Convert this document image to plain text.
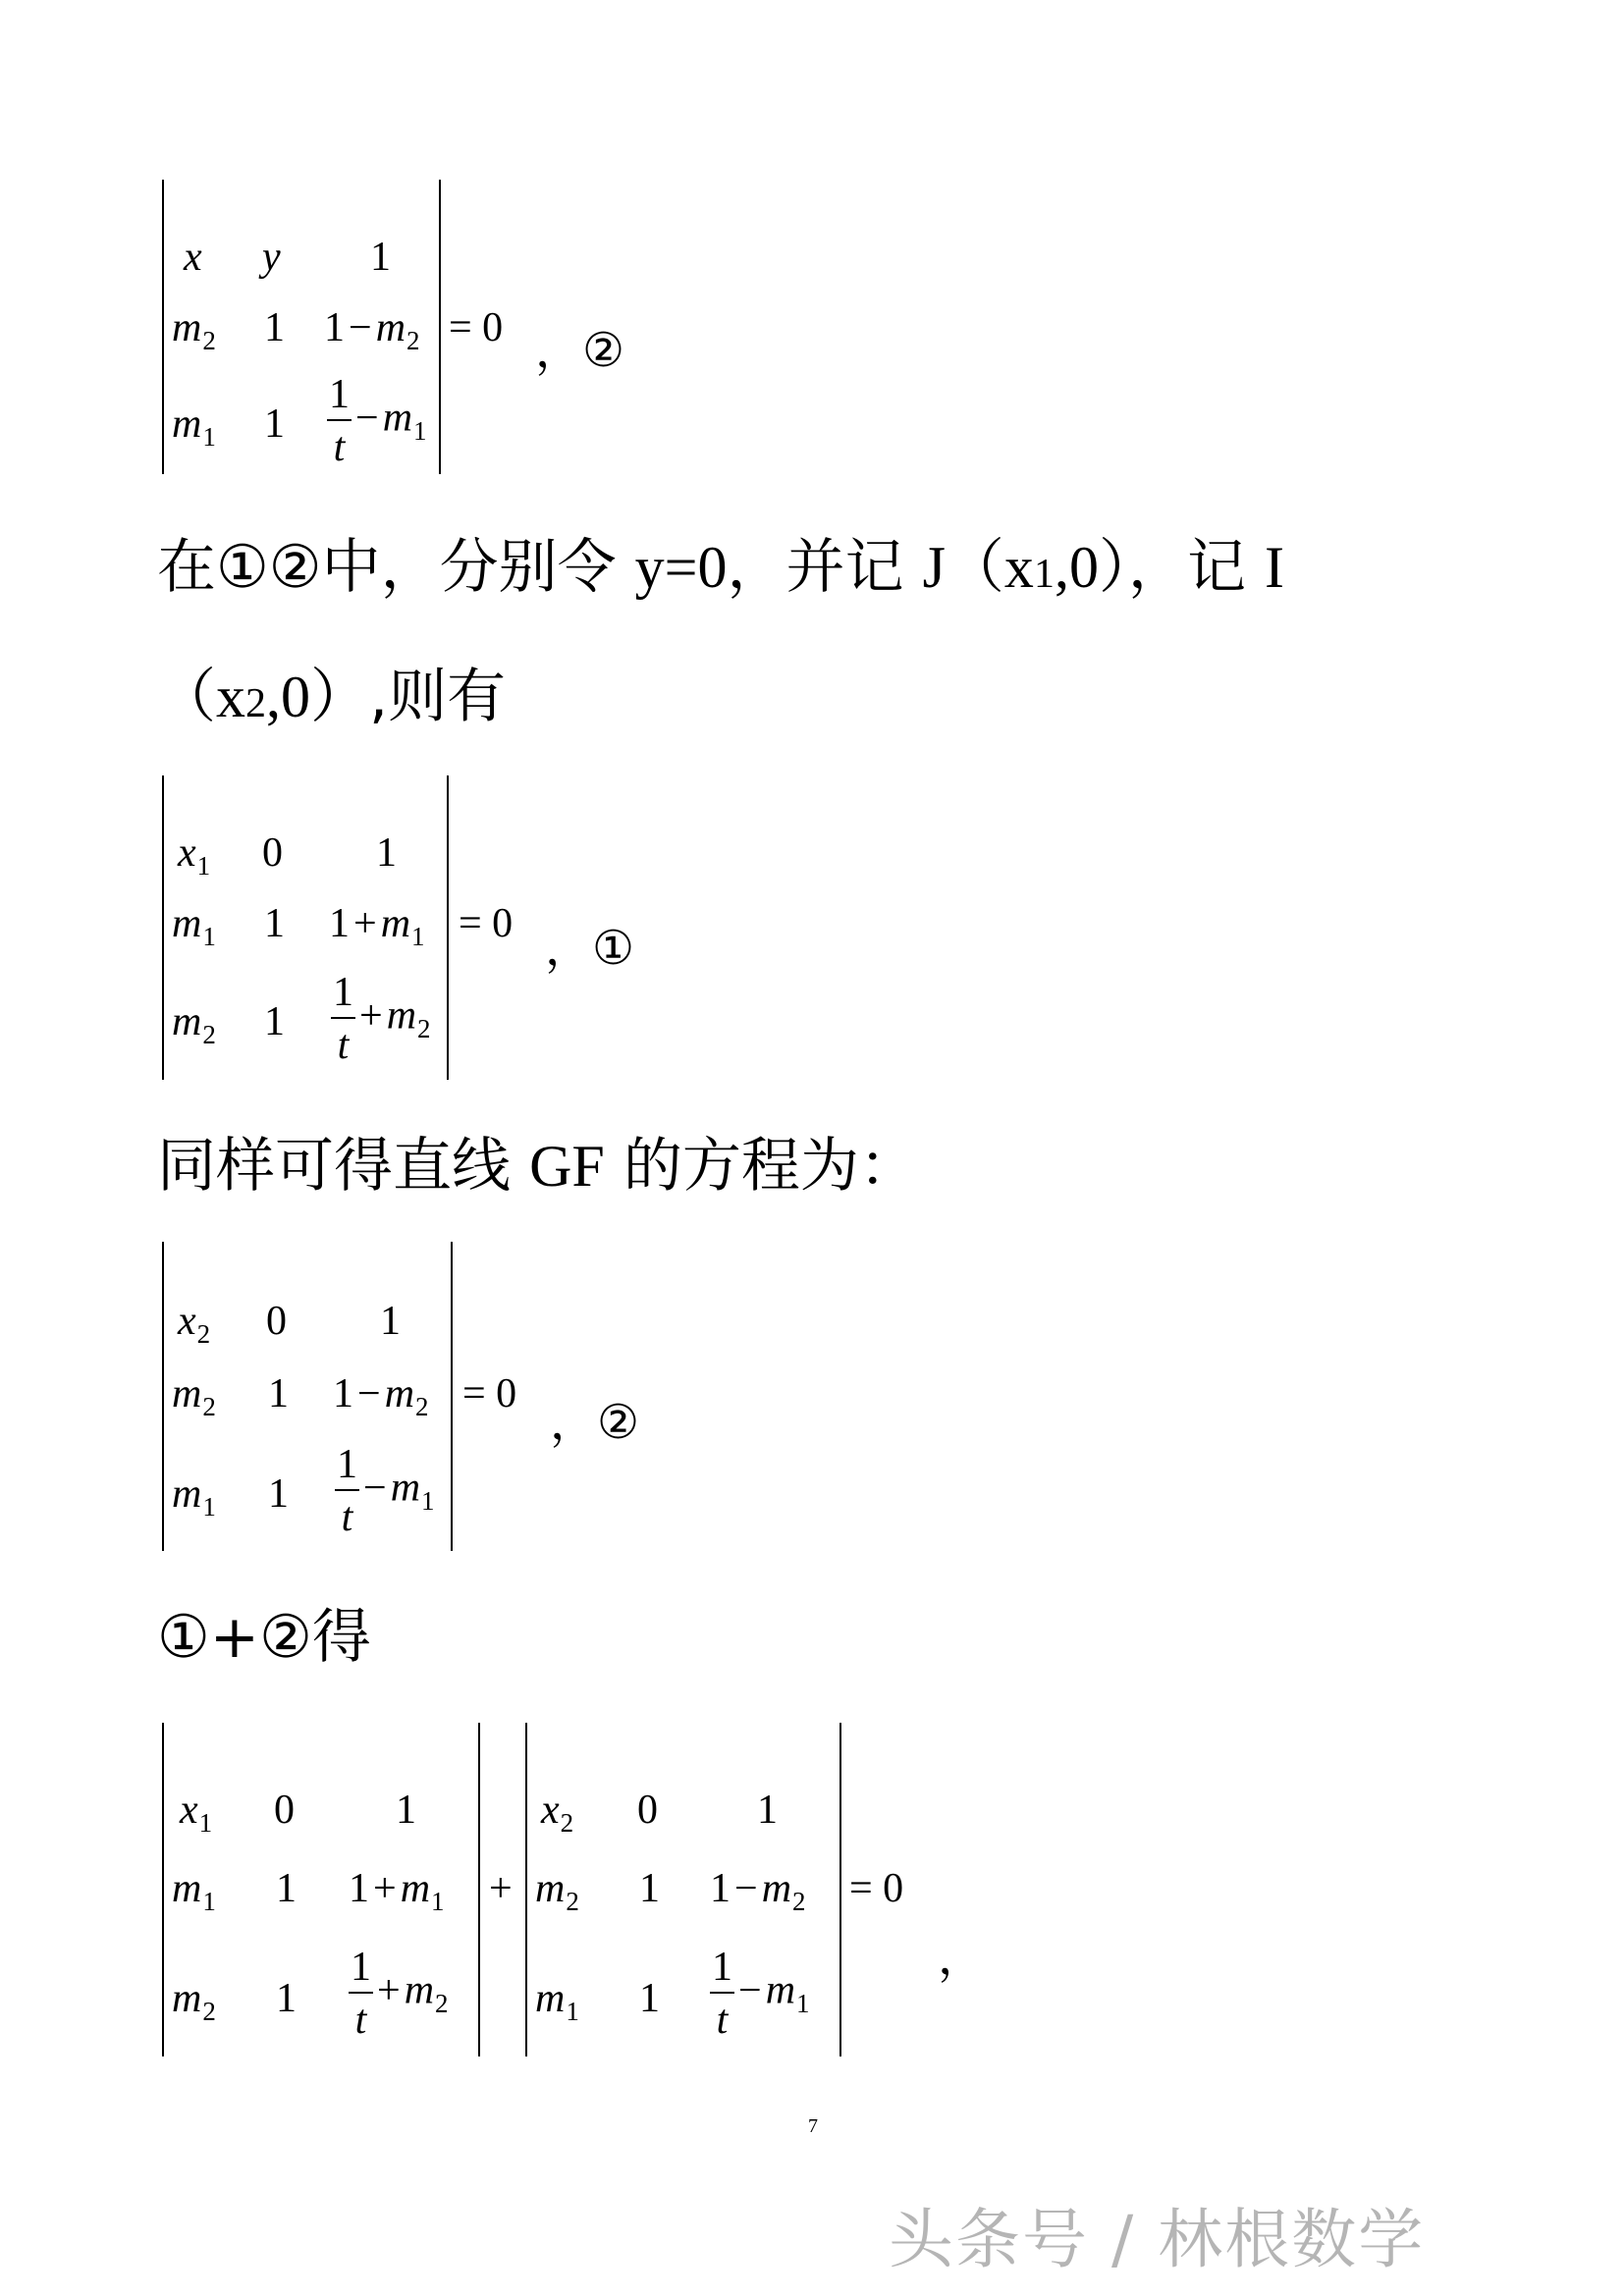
x y 1
$m_2$ 1 $1-m_2$
$m_1$ $1 \frac{1}{t} -m_1$
= 0 ，②
在①②中，分别令 y=0，并记 J（x1,0），记 I
（x2,0）,则有
$x_1$ 0 1
$m_1$ 1 $1+m_1$
$m_2$ $1 \frac{1}{t} +m_2$
= 0 ，①
同样可得直线 GF 的方程为：
$x_2$ 0 1
$m_2$ 1 $1-m_2$
$m_1$ $1 \frac{1}{t} -m_1$
= 0
，②
①+②得
$x_1$ 0 1
$m_1$ 1 $1+m_1$
$m_2$ $1 \frac{1}{t} +m_2$
+
$x_2$ 0 1
$m_2$ 1 $1-m_2$
$m_1$ $1 \frac{1}{t} -m_1$
= 0
，
7
头条号 / 林根数学
